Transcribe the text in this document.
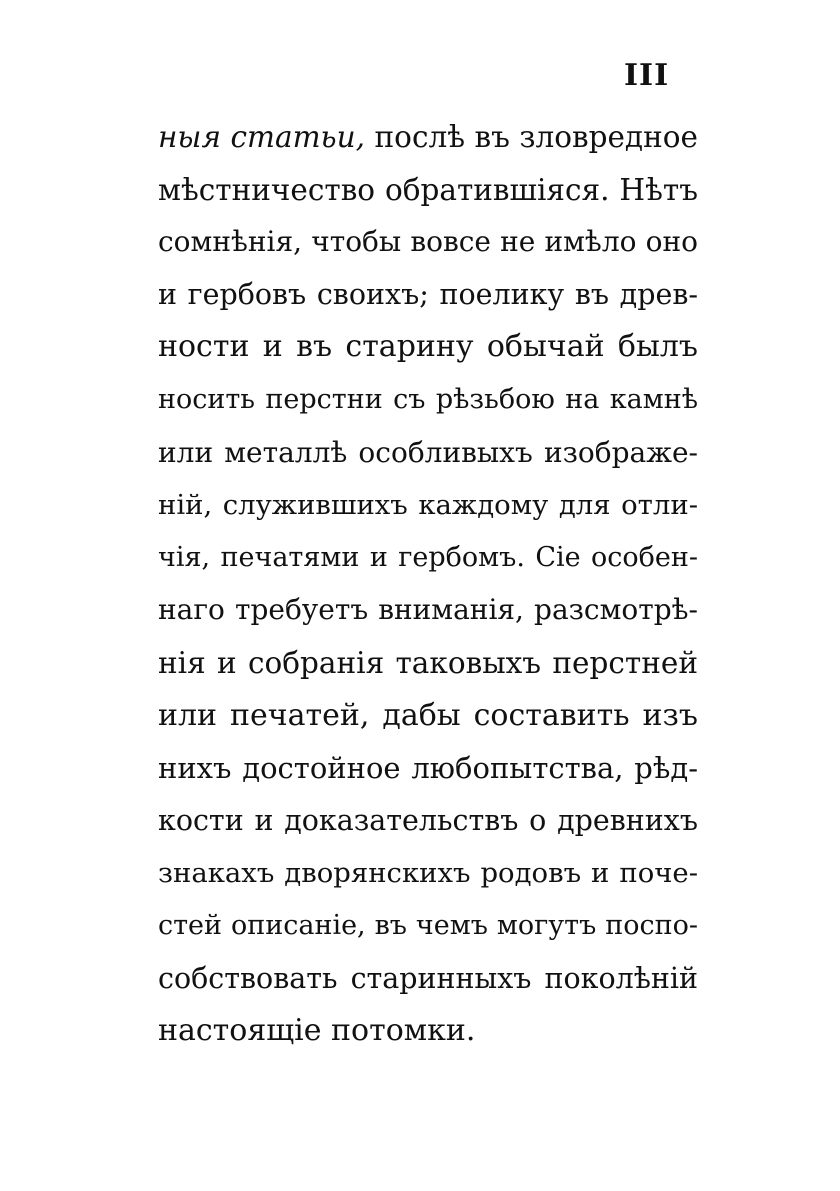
III
ныя статьи, послѣ въ зловредное
мѣстничество обратившіяся. Нѣтъ
сомнѣнія, чтобы вовсе не имѣло оно
и гербовъ своихъ; поелику въ древ-
ности и въ старину обычай былъ
носить перстни съ рѣзьбою на камнѣ
или металлѣ особливыхъ изображе-
ній, служившихъ каждому для отли-
чія, печатями и гербомъ. Сіе особен-
наго требуетъ вниманія, разсмотрѣ-
нія и собранія таковыхъ перстней
или печатей, дабы составить изъ
нихъ достойное любопытства, рѣд-
кости и доказательствъ о древнихъ
знакахъ дворянскихъ родовъ и поче-
стей описаніе, въ чемъ могутъ поспо-
собствовать старинныхъ поколѣній
настоящіе потомки.
